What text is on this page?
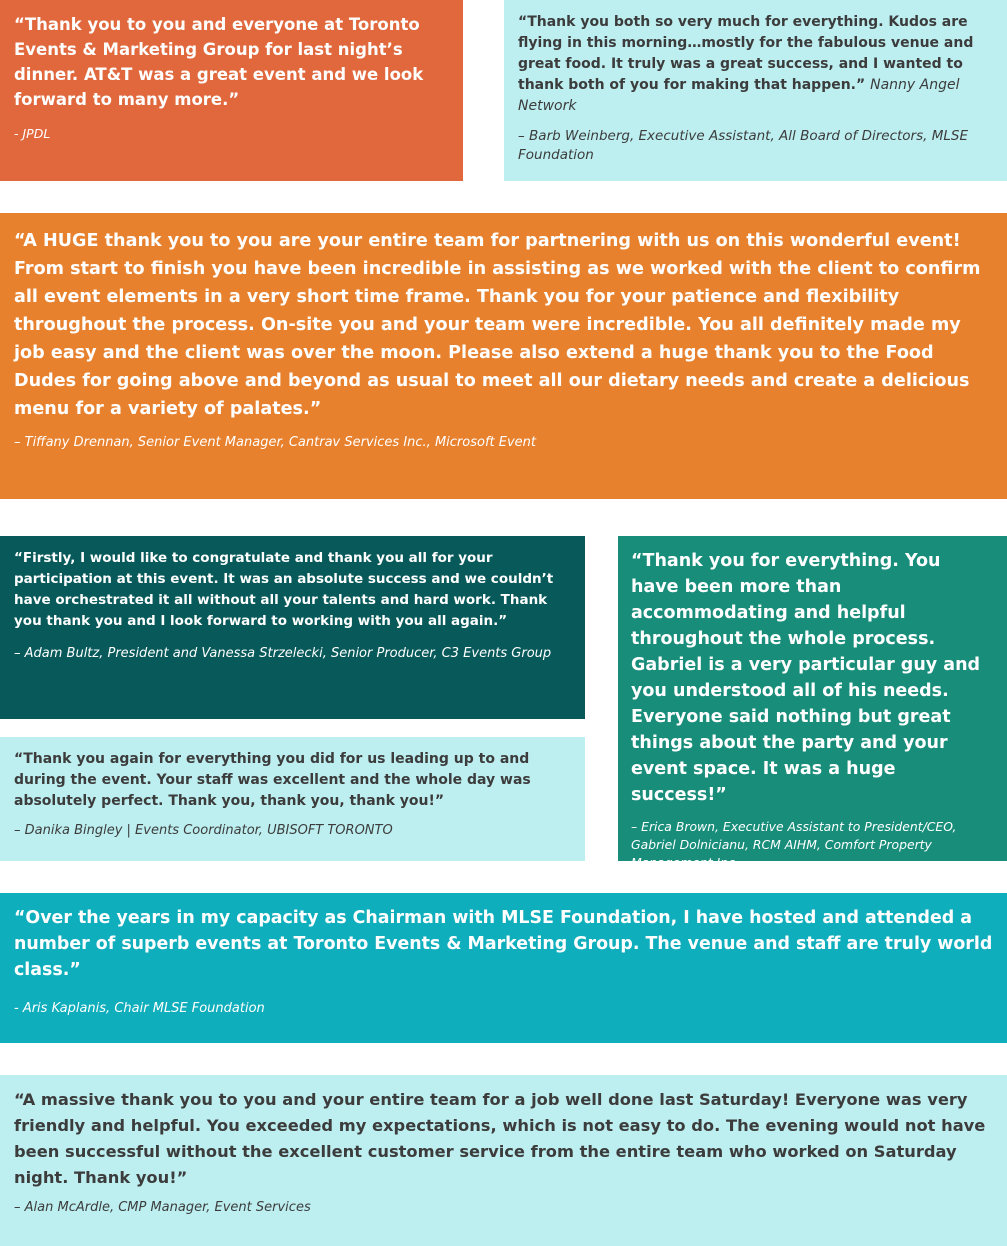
“Thank you to you and everyone at Toronto Events & Marketing Group for last night’s dinner. AT&T was a great event and we look forward to many more.”

- JPDL

“Thank you both so very much for everything. Kudos are flying in this morning…mostly for the fabulous venue and great food. It truly was a great success, and I wanted to thank both of you for making that happen.” Nanny Angel Network

– Barb Weinberg, Executive Assistant, All Board of Directors, MLSE Foundation

“A HUGE thank you to you are your entire team for partnering with us on this wonderful event! From start to finish you have been incredible in assisting as we worked with the client to confirm all event elements in a very short time frame. Thank you for your patience and flexibility throughout the process. On-site you and your team were incredible. You all definitely made my job easy and the client was over the moon. Please also extend a huge thank you to the Food Dudes for going above and beyond as usual to meet all our dietary needs and create a delicious menu for a variety of palates.”

– Tiffany Drennan, Senior Event Manager, Cantrav Services Inc., Microsoft Event

“Firstly, I would like to congratulate and thank you all for your participation at this event. It was an absolute success and we couldn’t have orchestrated it all without all your talents and hard work. Thank you thank you and I look forward to working with you all again.”

– Adam Bultz, President and Vanessa Strzelecki, Senior Producer, C3 Events Group

“Thank you for everything. You have been more than accommodating and helpful throughout the whole process. Gabriel is a very particular guy and you understood all of his needs. Everyone said nothing but great things about the party and your event space. It was a huge success!”

– Erica Brown, Executive Assistant to President/CEO, Gabriel Dolnicianu, RCM AIHM, Comfort Property Management Inc.

“Thank you again for everything you did for us leading up to and during the event. Your staff was excellent and the whole day was absolutely perfect. Thank you, thank you, thank you!”

– Danika Bingley | Events Coordinator, UBISOFT TORONTO

“Over the years in my capacity as Chairman with MLSE Foundation, I have hosted and attended a number of superb events at Toronto Events & Marketing Group. The venue and staff are truly world class.”

- Aris Kaplanis, Chair MLSE Foundation

“A massive thank you to you and your entire team for a job well done last Saturday! Everyone was very friendly and helpful. You exceeded my expectations, which is not easy to do. The evening would not have been successful without the excellent customer service from the entire team who worked on Saturday night. Thank you!”

– Alan McArdle, CMP Manager, Event Services
